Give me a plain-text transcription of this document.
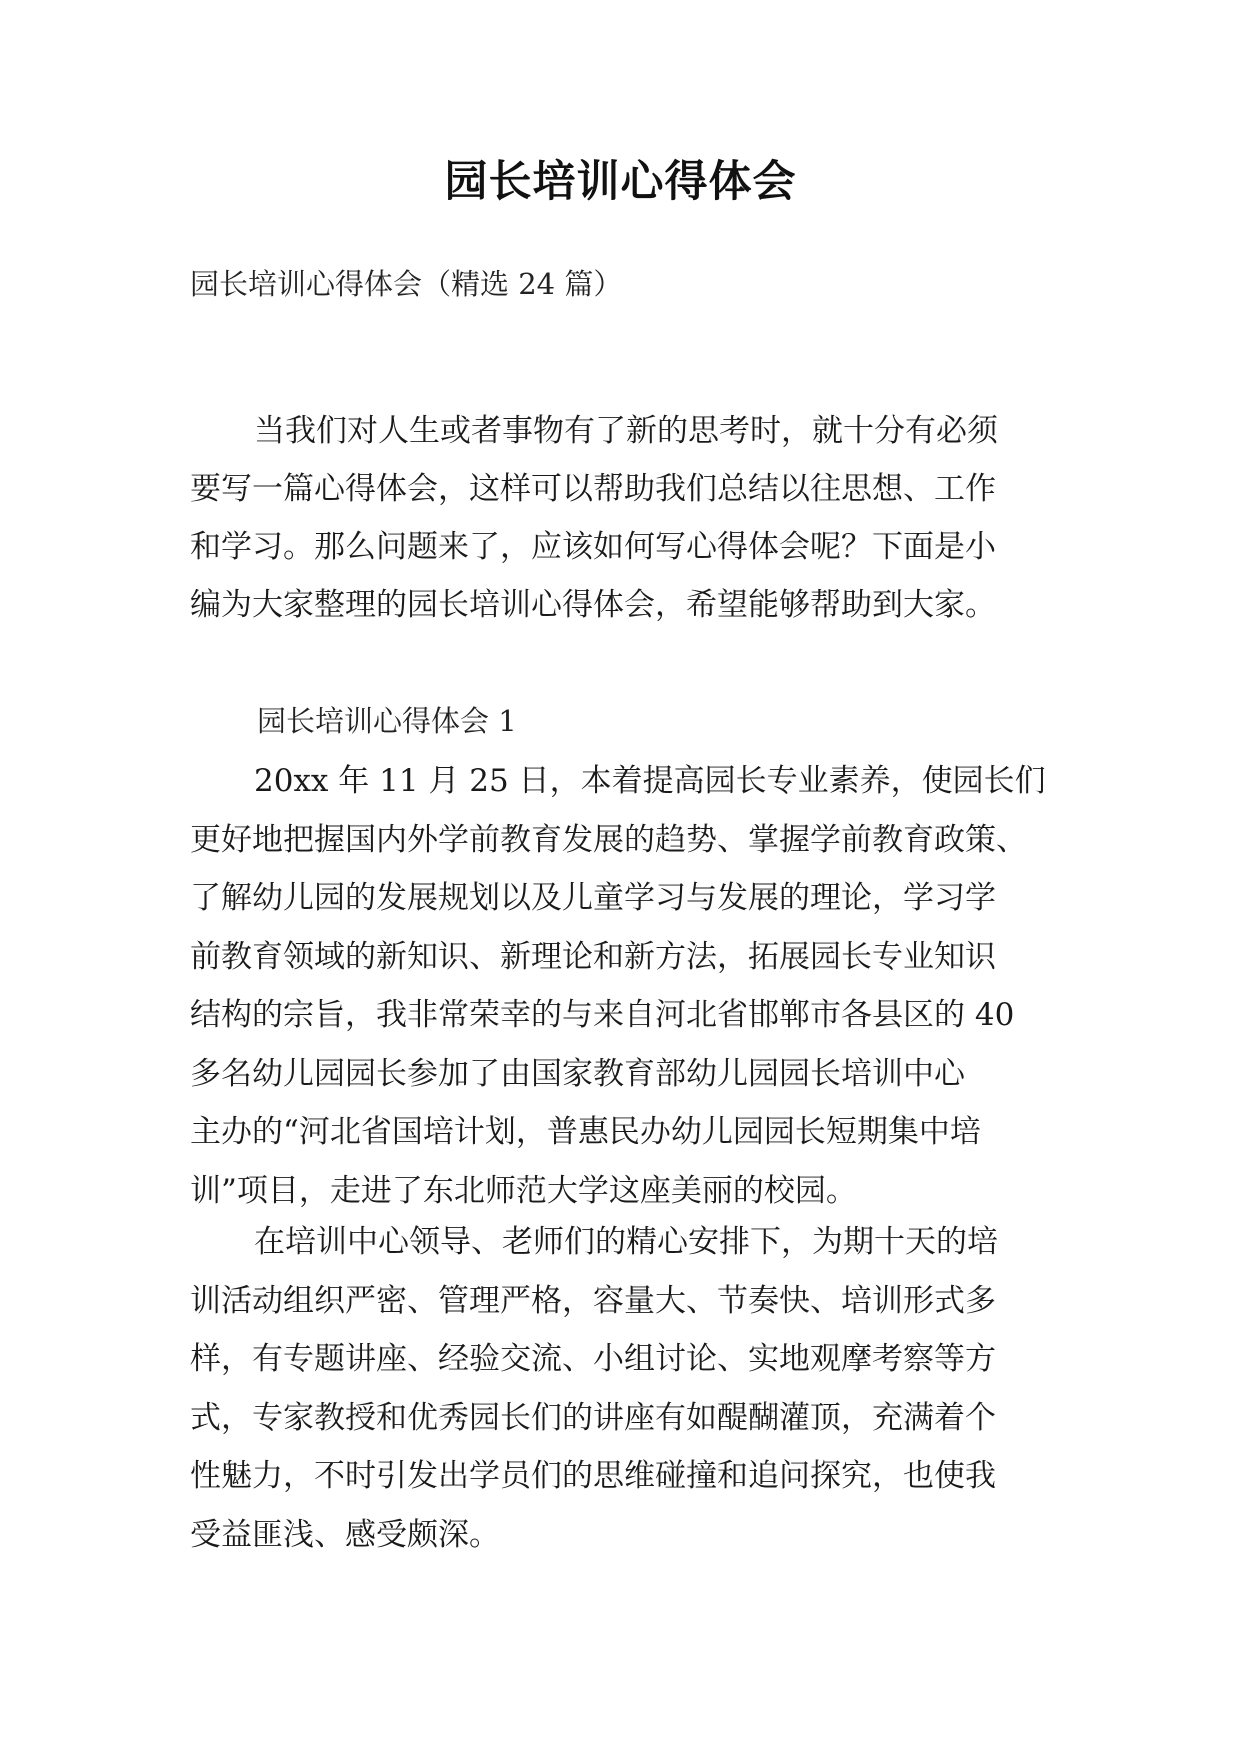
园长培训心得体会
园长培训心得体会（精选 24 篇）
当我们对人生或者事物有了新的思考时，就十分有必须
要写一篇心得体会，这样可以帮助我们总结以往思想、工作
和学习。那么问题来了，应该如何写心得体会呢？下面是小
编为大家整理的园长培训心得体会，希望能够帮助到大家。
园长培训心得体会 1
20xx 年 11 月 25 日，本着提高园长专业素养，使园长们
更好地把握国内外学前教育发展的趋势、掌握学前教育政策、
了解幼儿园的发展规划以及儿童学习与发展的理论，学习学
前教育领域的新知识、新理论和新方法，拓展园长专业知识
结构的宗旨，我非常荣幸的与来自河北省邯郸市各县区的 40
多名幼儿园园长参加了由国家教育部幼儿园园长培训中心
主办的“河北省国培计划，普惠民办幼儿园园长短期集中培
训”项目，走进了东北师范大学这座美丽的校园。
在培训中心领导、老师们的精心安排下，为期十天的培
训活动组织严密、管理严格，容量大、节奏快、培训形式多
样，有专题讲座、经验交流、小组讨论、实地观摩考察等方
式，专家教授和优秀园长们的讲座有如醍醐灌顶，充满着个
性魅力，不时引发出学员们的思维碰撞和追问探究，也使我
受益匪浅、感受颇深。
